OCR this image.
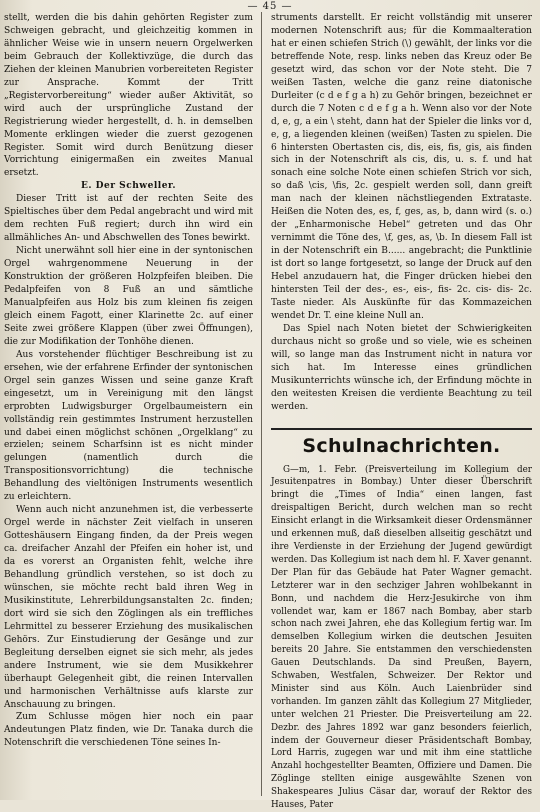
— 45 —

stellt, werden die bis dahin gehörten Register zum Schweigen gebracht, und gleichzeitig kommen in ähnlicher Weise wie in unsern neuern Orgelwerken beim Gebrauch der Kollektivzüge, die durch das Ziehen der kleinen Manubrien vorbereiteten Register zur Ansprache. Kommt der Tritt „Registervorbereitung“ wieder außer Aktivität, so wird auch der ursprüngliche Zustand der Registrierung wieder hergestellt, d. h. in demselben Momente erklingen wieder die zuerst gezogenen Register. Somit wird durch Benützung dieser Vorrichtung einigermaßen ein zweites Manual ersetzt.

E. Der Schweller.

Dieser Tritt ist auf der rechten Seite des Spieltisches über dem Pedal angebracht und wird mit dem rechten Fuß regiert; durch ihn wird ein allmähliches An- und Abschwellen des Tones bewirkt.

Nicht unerwähnt soll hier eine in der syntonischen Orgel wahrgenommene Neuerung in der Konstruktion der größeren Holzpfeifen bleiben. Die Pedalpfeifen von 8 Fuß an und sämtliche Manualpfeifen aus Holz bis zum kleinen fis zeigen gleich einem Fagott, einer Klarinette 2c. auf einer Seite zwei größere Klappen (über zwei Öffnungen), die zur Modifikation der Tonhöhe dienen.

Aus vorstehender flüchtiger Beschreibung ist zu ersehen, wie der erfahrene Erfinder der syntonischen Orgel sein ganzes Wissen und seine ganze Kraft eingesetzt, um in Vereinigung mit den längst erprobten Ludwigsburger Orgelbaumeistern ein vollständig rein gestimmtes Instrument herzustellen und dabei einen möglichst schönen „Orgelklang“ zu erzielen; seinem Scharfsinn ist es nicht minder gelungen (namentlich durch die Transpositionsvorrichtung) die technische Behandlung des vieltönigen Instruments wesentlich zu erleichtern.

Wenn auch nicht anzunehmen ist, die verbesserte Orgel werde in nächster Zeit vielfach in unseren Gotteshäusern Eingang finden, da der Preis wegen ca. dreifacher Anzahl der Pfeifen ein hoher ist, und da es vorerst an Organisten fehlt, welche ihre Behandlung gründlich verstehen, so ist doch zu wünschen, sie möchte recht bald ihren Weg in Musikinstitute, Lehrerbildungsanstalten 2c. finden; dort wird sie sich den Zöglingen als ein treffliches Lehrmittel zu besserer Erziehung des musikalischen Gehörs. Zur Einstudierung der Gesänge und zur Begleitung derselben eignet sie sich mehr, als jedes andere Instrument, wie sie dem Musikkehrer überhaupt Gelegenheit gibt, die reinen Intervallen und harmonischen Verhältnisse aufs klarste zur Anschauung zu bringen.

Zum Schlusse mögen hier noch ein paar Andeutungen Platz finden, wie Dr. Tanaka durch die Notenschrift die verschiedenen Töne seines In-

struments darstellt. Er reicht vollständig mit unserer modernen Notenschrift aus; für die Kommaalteration hat er einen schiefen Strich (\) gewählt, der links vor die betreffende Note, resp. links neben das Kreuz oder Be gesetzt wird, das schon vor der Note steht. Die 7 weißen Tasten, welche die ganz reine diatonische Durleiter (c d e f g a h) zu Gehör bringen, bezeichnet er durch die 7 Noten c d e f g a h. Wenn also vor der Note d, e, g, a ein \ steht, dann hat der Spieler die links vor d, e, g, a liegenden kleinen (weißen) Tasten zu spielen. Die 6 hintersten Obertasten cis, dis, eis, fis, gis, ais finden sich in der Notenschrift als cis, dis, u. s. f. und hat sonach eine solche Note einen schiefen Strich vor sich, so daß \cis, \fis, 2c. gespielt werden soll, dann greift man nach der kleinen nächstliegenden Extrataste. Heißen die Noten des, es, f, ges, as, b, dann wird (s. o.) der „Enharmonische Hebel“ getreten und das Ohr vernimmt die Töne des, \f, ges, as, \b. In diesem Fall ist in der Notenschrift ein B...... angebracht; die Punktlinie ist dort so lange fortgesetzt, so lange der Druck auf den Hebel anzudauern hat, die Finger drücken hiebei den hintersten Teil der des-, es-, eis-, fis- 2c. cis- dis- 2c. Taste nieder. Als Auskünfte für das Kommazeichen wendet Dr. T. eine kleine Null an.

Das Spiel nach Noten bietet der Schwierigkeiten durchaus nicht so große und so viele, wie es scheinen will, so lange man das Instrument nicht in natura vor sich hat. Im Interesse eines gründlichen Musikunterrichts wünsche ich, der Erfindung möchte in den weitesten Kreisen die verdiente Beachtung zu teil werden.

Schulnachrichten.

G—m, 1. Febr. (Preisverteilung im Kollegium der Jesuitenpatres in Bombay.) Unter dieser Überschrift bringt die „Times of India“ einen langen, fast dreispaltigen Bericht, durch welchen man so recht Einsicht erlangt in die Wirksamkeit dieser Ordensmänner und erkennen muß, daß dieselben allseitig geschätzt und ihre Verdienste in der Erziehung der Jugend gewürdigt werden. Das Kollegium ist nach dem hl. F. Xaver genannt. Der Plan für das Gebäude hat Pater Wagner gemacht. Letzterer war in den sechziger Jahren wohlbekannt in Bonn, und nachdem die Herz-Jesukirche von ihm vollendet war, kam er 1867 nach Bombay, aber starb schon nach zwei Jahren, ehe das Kollegium fertig war. Im demselben Kollegium wirken die deutschen Jesuiten bereits 20 Jahre. Sie entstammen den verschiedensten Gauen Deutschlands. Da sind Preußen, Bayern, Schwaben, Westfalen, Schweizer. Der Rektor und Minister sind aus Köln. Auch Laienbrüder sind vorhanden. Im ganzen zählt das Kollegium 27 Mitglieder, unter welchen 21 Priester. Die Preisverteilung am 22. Dezbr. des Jahres 1892 war ganz besonders feierlich, indem der Gouverneur dieser Präsidentschaft Bombay, Lord Harris, zugegen war und mit ihm eine stattliche Anzahl hochgestellter Beamten, Offiziere und Damen. Die Zöglinge stellten einige ausgewählte Szenen von Shakespeares Julius Cäsar dar, worauf der Rektor des Hauses, Pater
